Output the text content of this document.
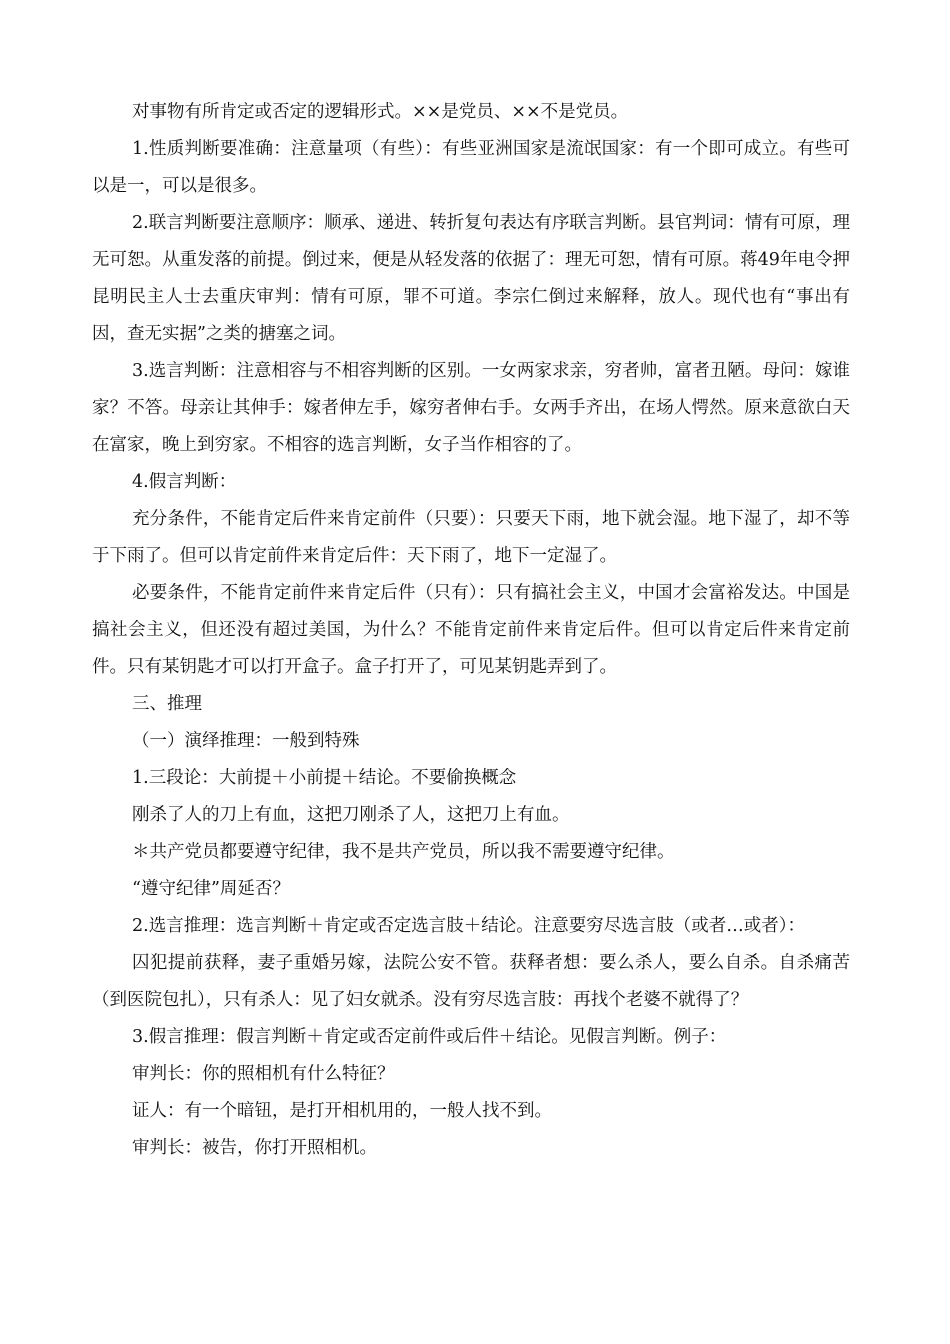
对事物有所肯定或否定的逻辑形式。××是党员、××不是党员。

1.性质判断要准确：注意量项（有些）：有些亚洲国家是流氓国家：有一个即可成立。有些可以是一，可以是很多。

2.联言判断要注意顺序：顺承、递进、转折复句表达有序联言判断。县官判词：情有可原，理无可恕。从重发落的前提。倒过来，便是从轻发落的依据了：理无可恕，情有可原。蒋49年电令押昆明民主人士去重庆审判：情有可原，罪不可道。李宗仁倒过来解释，放人。现代也有“事出有因，查无实据”之类的搪塞之词。

3.选言判断：注意相容与不相容判断的区别。一女两家求亲，穷者帅，富者丑陋。母问：嫁谁家？不答。母亲让其伸手：嫁者伸左手，嫁穷者伸右手。女两手齐出，在场人愕然。原来意欲白天在富家，晚上到穷家。不相容的选言判断，女子当作相容的了。

4.假言判断：

充分条件，不能肯定后件来肯定前件（只要）：只要天下雨，地下就会湿。地下湿了，却不等于下雨了。但可以肯定前件来肯定后件：天下雨了，地下一定湿了。

必要条件，不能肯定前件来肯定后件（只有）：只有搞社会主义，中国才会富裕发达。中国是搞社会主义，但还没有超过美国，为什么？不能肯定前件来肯定后件。但可以肯定后件来肯定前件。只有某钥匙才可以打开盒子。盒子打开了，可见某钥匙弄到了。

三、推理

（一）演绎推理：一般到特殊

1.三段论：大前提＋小前提＋结论。不要偷换概念

刚杀了人的刀上有血，这把刀刚杀了人，这把刀上有血。

＊共产党员都要遵守纪律，我不是共产党员，所以我不需要遵守纪律。

“遵守纪律”周延否？

2.选言推理：选言判断＋肯定或否定选言肢＋结论。注意要穷尽选言肢（或者…或者）：

囚犯提前获释，妻子重婚另嫁，法院公安不管。获释者想：要么杀人，要么自杀。自杀痛苦（到医院包扎），只有杀人：见了妇女就杀。没有穷尽选言肢：再找个老婆不就得了？

3.假言推理：假言判断＋肯定或否定前件或后件＋结论。见假言判断。例子：

审判长：你的照相机有什么特征？

证人：有一个暗钮，是打开相机用的，一般人找不到。

审判长：被告，你打开照相机。
